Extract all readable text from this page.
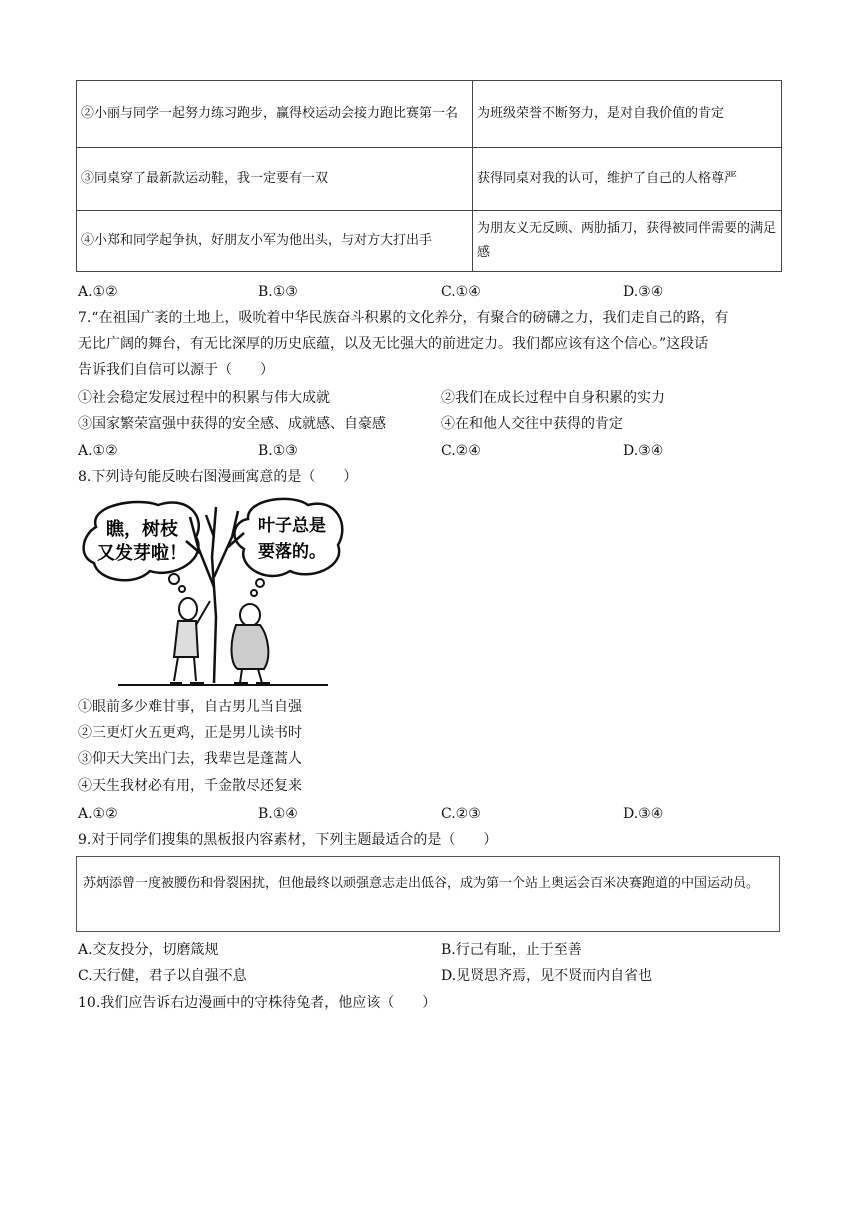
②小丽与同学一起努力练习跑步，赢得校运动会接力跑比赛第一名	为班级荣誉不断努力，是对自我价值的肯定
③同桌穿了最新款运动鞋，我一定要有一双	获得同桌对我的认可，维护了自己的人格尊严
④小郑和同学起争执，好朋友小军为他出头，与对方大打出手	为朋友义无反顾、两肋插刀，获得被同伴需要的满足感
A.①②	B.①③	C.①④	D.③④
7.“在祖国广袤的土地上，吸吮着中华民族奋斗积累的文化养分，有聚合的磅礴之力，我们走自己的路，有
无比广阔的舞台，有无比深厚的历史底蕴，以及无比强大的前进定力。我们都应该有这个信心。”这段话
告诉我们自信可以源于（　　）
①社会稳定发展过程中的积累与伟大成就	②我们在成长过程中自身积累的实力
③国家繁荣富强中获得的安全感、成就感、自豪感	④在和他人交往中获得的肯定
A.①②	B.①③	C.②④	D.③④
8.下列诗句能反映右图漫画寓意的是（　　）
瞧，树枝
又发芽啦！
叶子总是
要落的。
①眼前多少难甘事，自古男儿当自强
②三更灯火五更鸡，正是男儿读书时
③仰天大笑出门去，我辈岂是蓬蒿人
④天生我材必有用，千金散尽还复来
A.①②	B.①④	C.②③	D.③④
9.对于同学们搜集的黑板报内容素材，下列主题最适合的是（　　）
苏炳添曾一度被腰伤和骨裂困扰，但他最终以顽强意志走出低谷，成为第一个站上奥运会百米决赛跑道的中国运动员。
A.交友投分，切磨箴规	B.行己有耻，止于至善
C.天行健，君子以自强不息	D.见贤思齐焉，见不贤而内自省也
10.我们应告诉右边漫画中的守株待兔者，他应该（　　）
